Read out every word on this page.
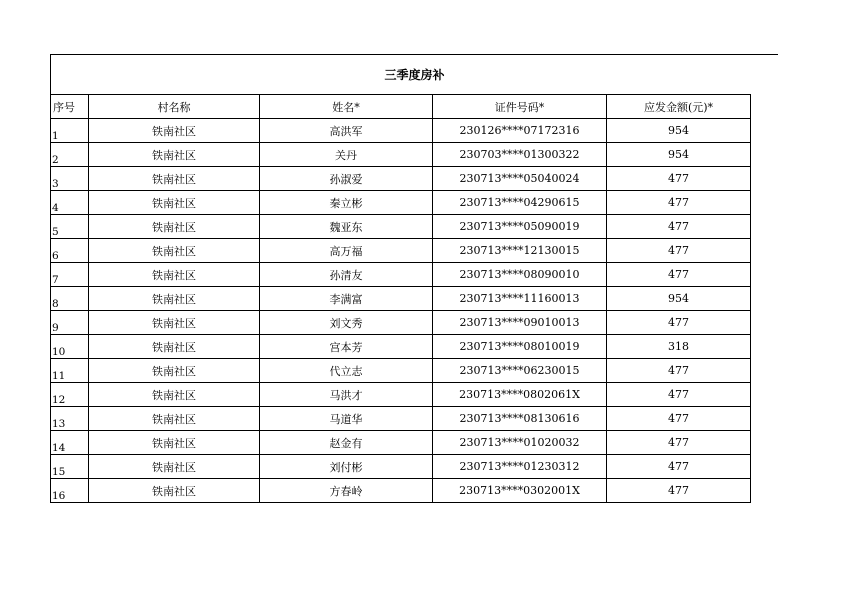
三季度房补
序号	村名称	姓名*	证件号码*	应发金额(元)*
1	铁南社区	高洪军	230126****07172316	954
2	铁南社区	关丹	230703****01300322	954
3	铁南社区	孙淑爱	230713****05040024	477
4	铁南社区	秦立彬	230713****04290615	477
5	铁南社区	魏亚东	230713****05090019	477
6	铁南社区	高万福	230713****12130015	477
7	铁南社区	孙清友	230713****08090010	477
8	铁南社区	李满富	230713****11160013	954
9	铁南社区	刘文秀	230713****09010013	477
10	铁南社区	宫本芳	230713****08010019	318
11	铁南社区	代立志	230713****06230015	477
12	铁南社区	马洪才	230713****0802061X	477
13	铁南社区	马道华	230713****08130616	477
14	铁南社区	赵金有	230713****01020032	477
15	铁南社区	刘付彬	230713****01230312	477
16	铁南社区	方春岭	230713****0302001X	477
